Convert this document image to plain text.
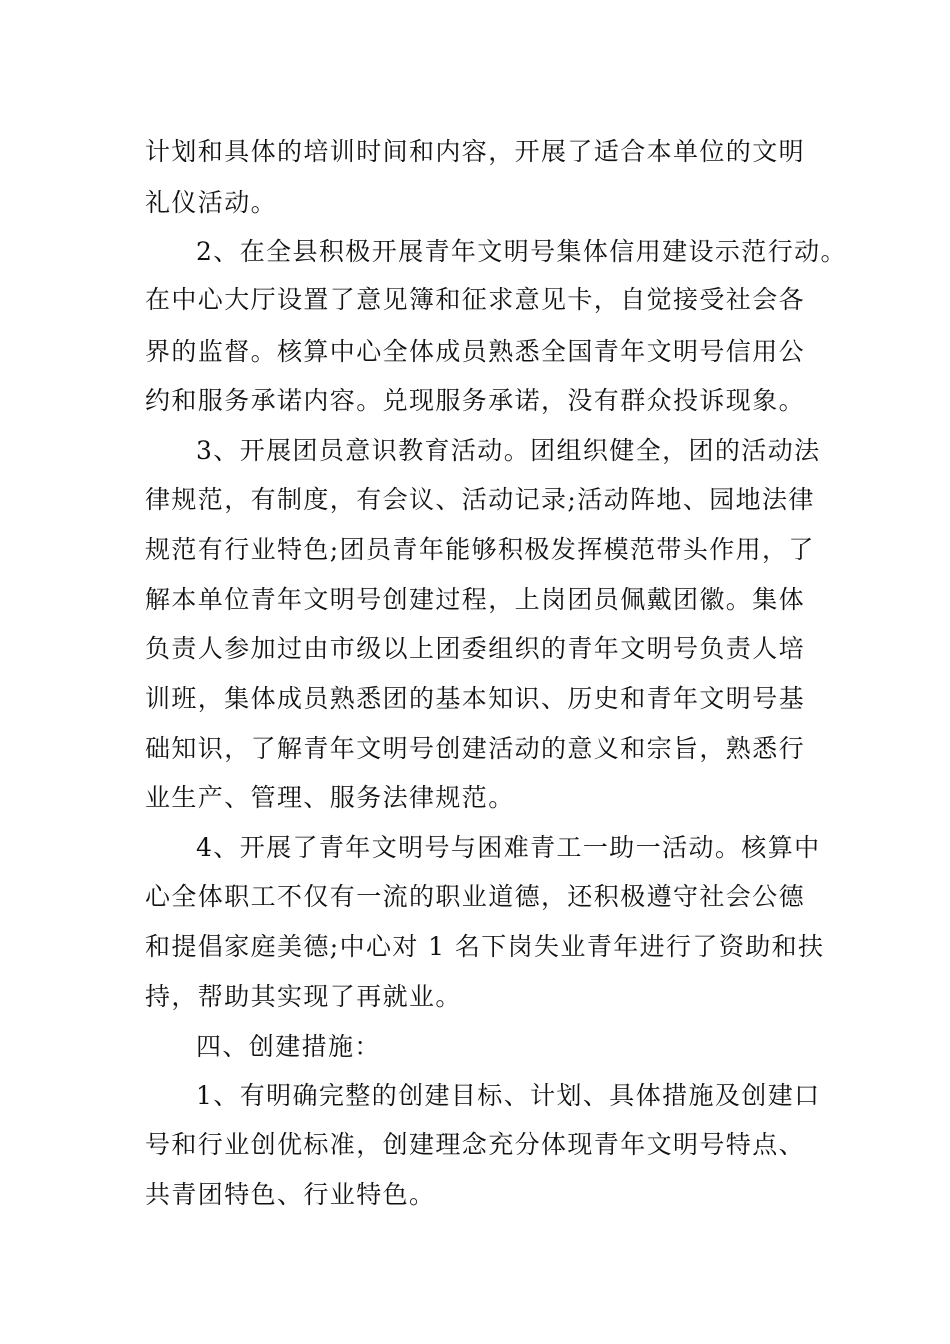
计划和具体的培训时间和内容，开展了适合本单位的文明
礼仪活动。
2、在全县积极开展青年文明号集体信用建设示范行动。
在中心大厅设置了意见簿和征求意见卡，自觉接受社会各
界的监督。核算中心全体成员熟悉全国青年文明号信用公
约和服务承诺内容。兑现服务承诺，没有群众投诉现象。
3、开展团员意识教育活动。团组织健全，团的活动法
律规范，有制度，有会议、活动记录;活动阵地、园地法律
规范有行业特色;团员青年能够积极发挥模范带头作用，了
解本单位青年文明号创建过程，上岗团员佩戴团徽。集体
负责人参加过由市级以上团委组织的青年文明号负责人培
训班，集体成员熟悉团的基本知识、历史和青年文明号基
础知识，了解青年文明号创建活动的意义和宗旨，熟悉行
业生产、管理、服务法律规范。
4、开展了青年文明号与困难青工一助一活动。核算中
心全体职工不仅有一流的职业道德，还积极遵守社会公德
和提倡家庭美德;中心对 1 名下岗失业青年进行了资助和扶
持，帮助其实现了再就业。
四、创建措施：
1、有明确完整的创建目标、计划、具体措施及创建口
号和行业创优标准，创建理念充分体现青年文明号特点、
共青团特色、行业特色。
